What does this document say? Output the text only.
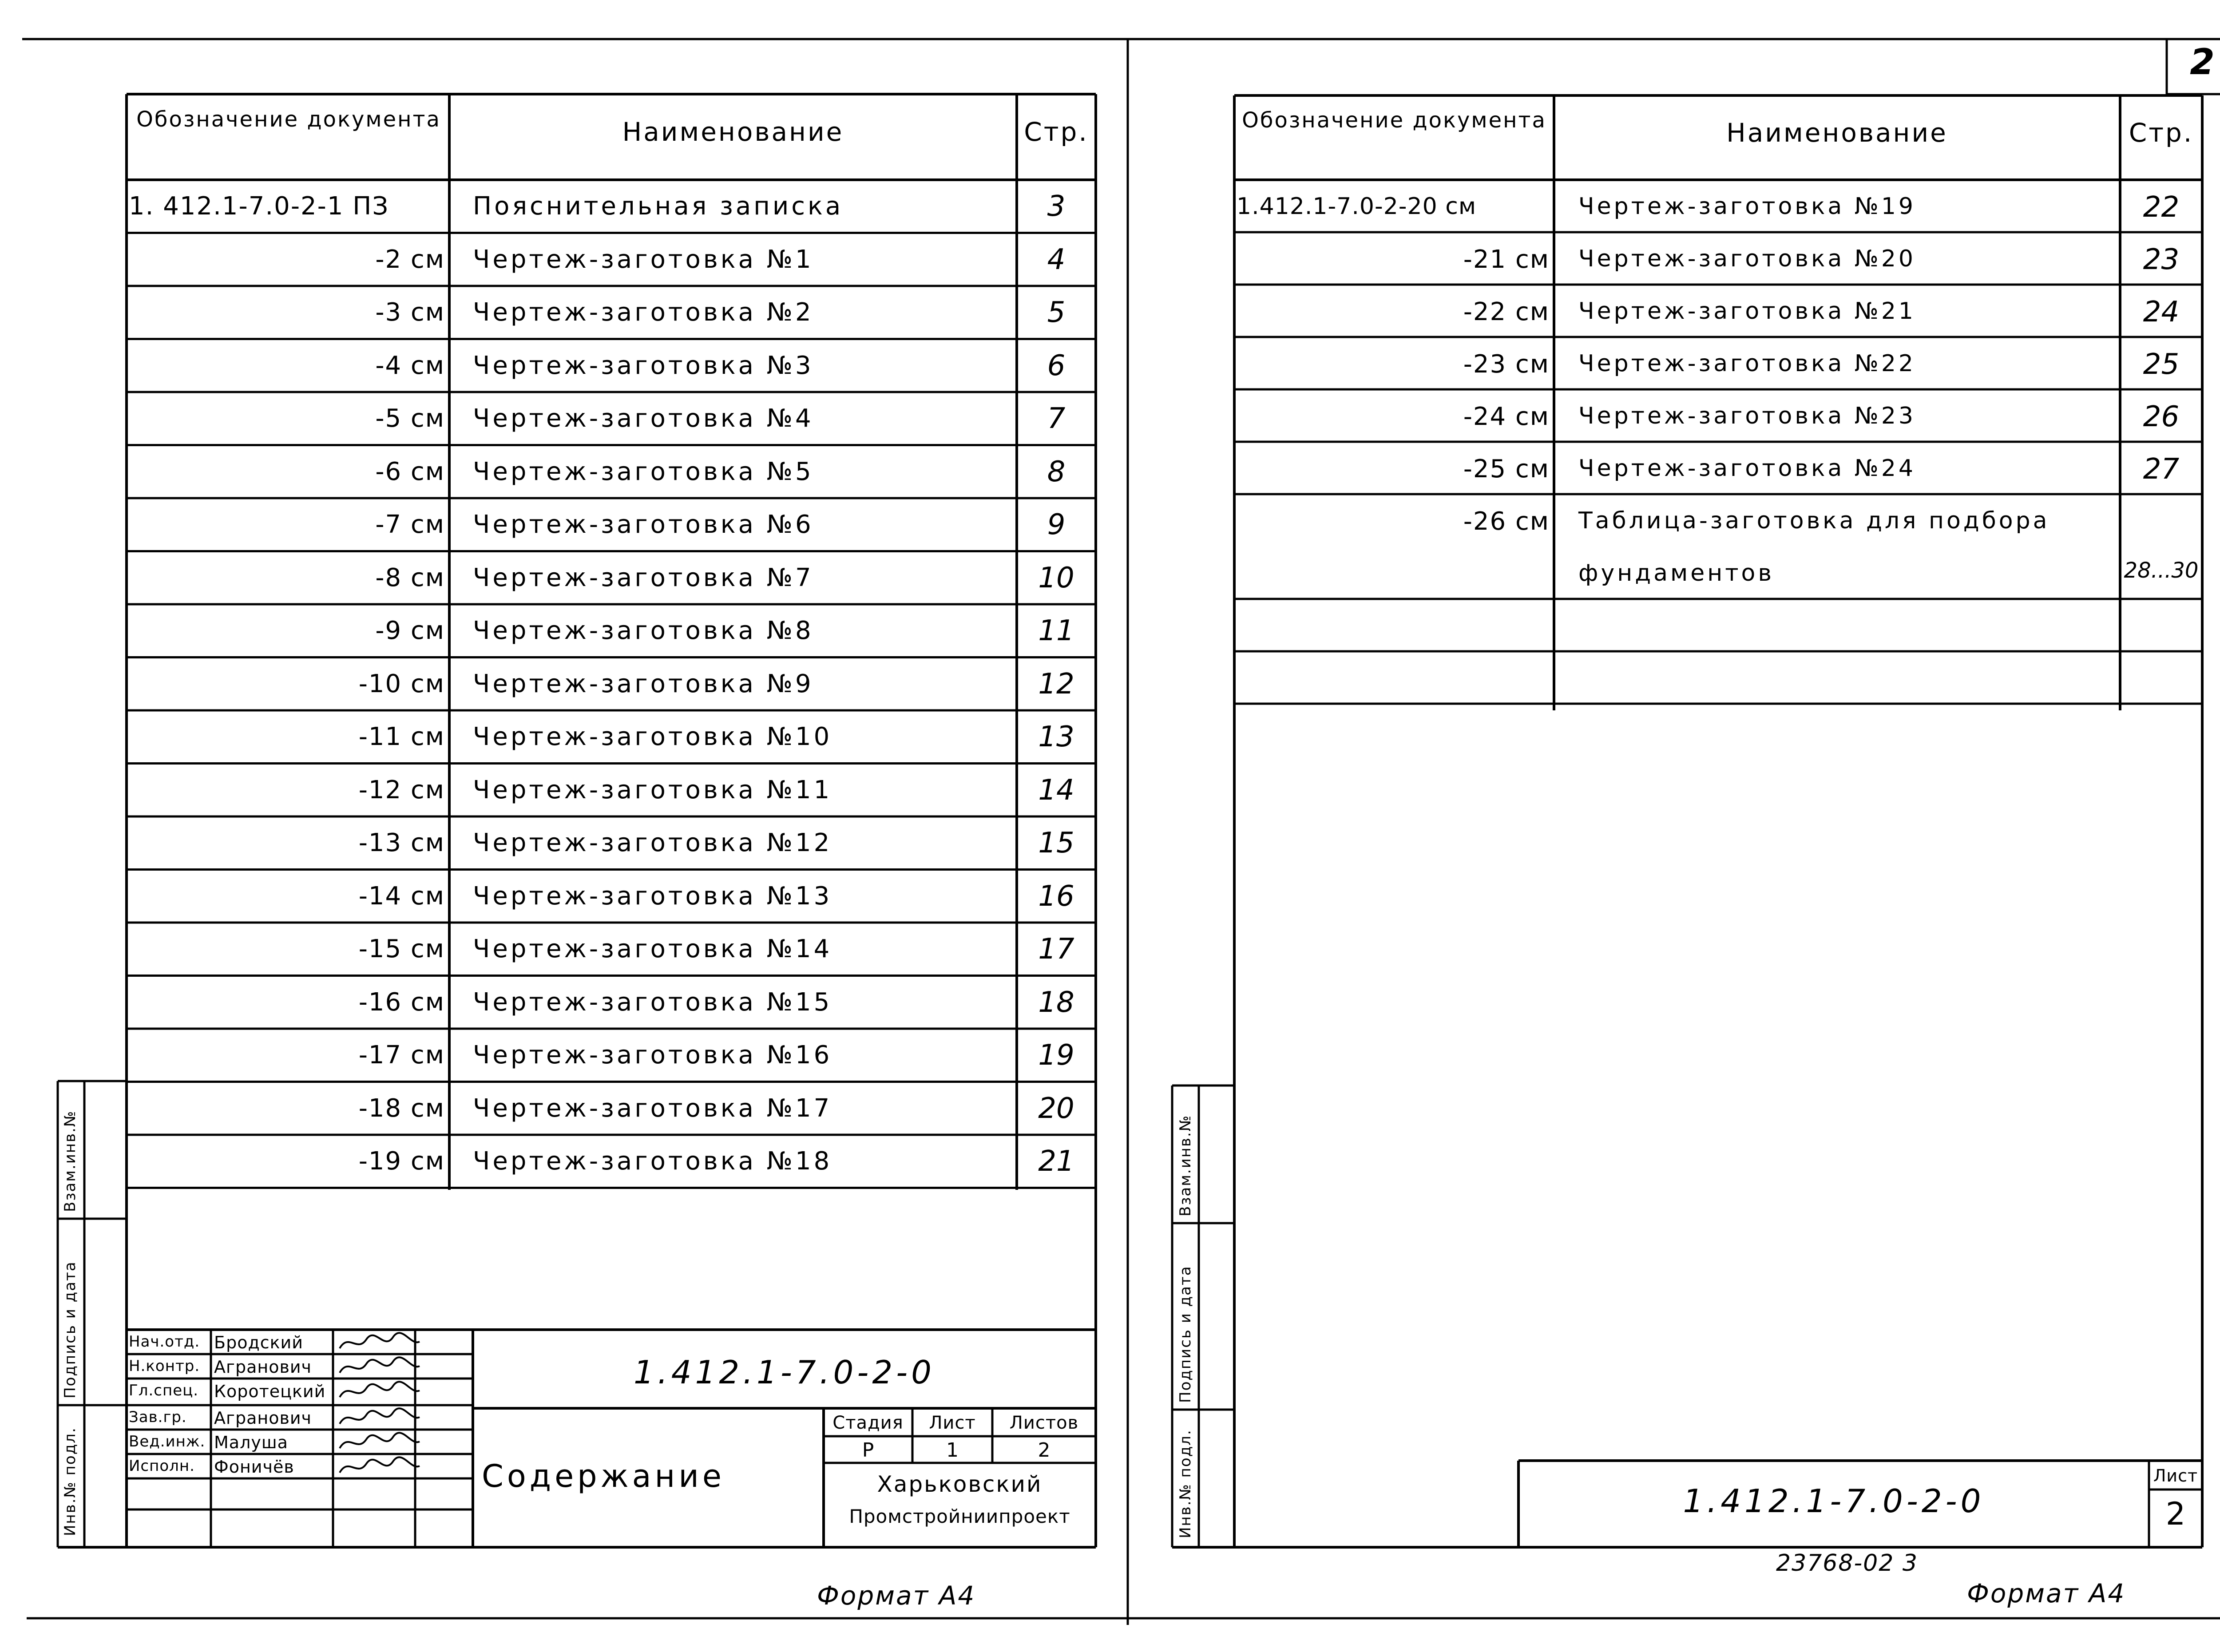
Обозначение документа	Наименование	Стр.
1. 412.1-7.0-2-1 ПЗ	Пояснительная записка	3
-2 см Чертеж-заготовка №1	4
-3 см Чертеж-заготовка №2	5
-4 см Чертеж-заготовка №3	6
-5 см Чертеж-заготовка №4	7
-6 см Чертеж-заготовка №5	8
-7 см Чертеж-заготовка №6	9
-8 см Чертеж-заготовка №7	10
-9 см Чертеж-заготовка №8	11
-10 см Чертеж-заготовка №9	12
-11 см Чертеж-заготовка №10	13
-12 см Чертеж-заготовка №11	14
-13 см Чертеж-заготовка №12	15
-14 см Чертеж-заготовка №13	16
-15 см Чертеж-заготовка №14	17
-16 см Чертеж-заготовка №15	18
-17 см Чертеж-заготовка №16	19
-18 см Чертеж-заготовка №17	20
-19 см Чертеж-заготовка №18	21
Нач.отд. Бродский
Н.контр. Агранович
Гл.спец. Коротецкий
Зав.гр. Агранович
Вед.инж. Малуша
Исполн. Фоничёв
1.412.1-7.0-2-0
Содержание
Стадия	Лист	Листов
Р	1	2
Харьковский
Промстройниипроект
Инв.№ подл.
Подпись и дата
Взам.инв.№
Формат А4
2
Обозначение документа	Наименование	Стр.
1.412.1-7.0-2-20 см	Чертеж-заготовка №19	22
-21 см Чертеж-заготовка №20	23
-22 см Чертеж-заготовка №21	24
-23 см Чертеж-заготовка №22	25
-24 см Чертеж-заготовка №23	26
-25 см Чертеж-заготовка №24	27
-26 см Таблица-заготовка для подбора
фундаментов	28...30
1.412.1-7.0-2-0
Лист
2
Инв.№ подл.
Подпись и дата
Взам.инв.№
23768-02 3
Формат А4
